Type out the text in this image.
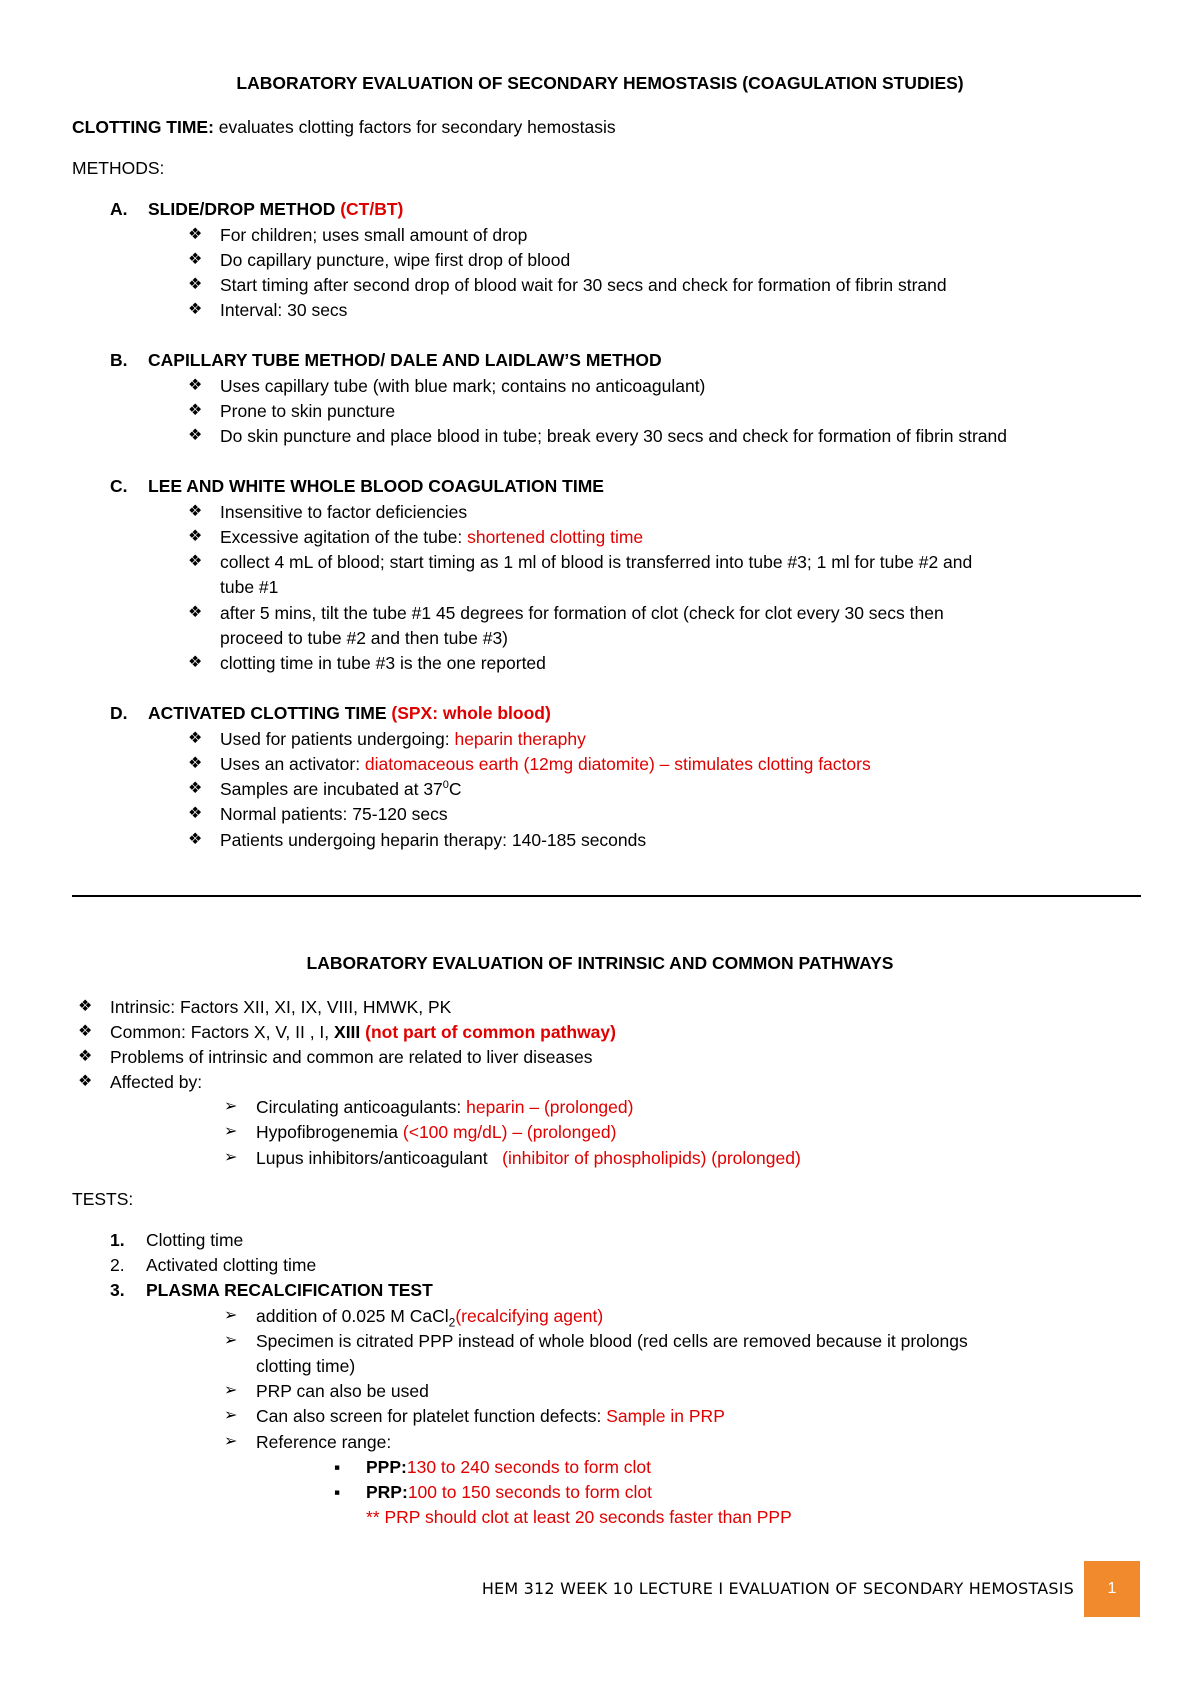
LABORATORY EVALUATION OF SECONDARY HEMOSTASIS (COAGULATION STUDIES)
CLOTTING TIME: evaluates clotting factors for secondary hemostasis
METHODS:
A. SLIDE/DROP METHOD (CT/BT)
❖ For children; uses small amount of drop
❖ Do capillary puncture, wipe first drop of blood
❖ Start timing after second drop of blood wait for 30 secs and check for formation of fibrin strand
❖ Interval: 30 secs
B. CAPILLARY TUBE METHOD/ DALE AND LAIDLAW’S METHOD
❖ Uses capillary tube (with blue mark; contains no anticoagulant)
❖ Prone to skin puncture
❖ Do skin puncture and place blood in tube; break every 30 secs and check for formation of fibrin strand
C. LEE AND WHITE WHOLE BLOOD COAGULATION TIME
❖ Insensitive to factor deficiencies
❖ Excessive agitation of the tube: shortened clotting time
❖ collect 4 mL of blood; start timing as 1 ml of blood is transferred into tube #3; 1 ml for tube #2 and
tube #1
❖ after 5 mins, tilt the tube #1 45 degrees for formation of clot (check for clot every 30 secs then
proceed to tube #2 and then tube #3)
❖ clotting time in tube #3 is the one reported
D. ACTIVATED CLOTTING TIME (SPX: whole blood)
❖ Used for patients undergoing: heparin theraphy
❖ Uses an activator: diatomaceous earth (12mg diatomite) – stimulates clotting factors
❖ Samples are incubated at $37^0C$
❖ Normal patients: 75-120 secs
❖ Patients undergoing heparin therapy: 140-185 seconds
LABORATORY EVALUATION OF INTRINSIC AND COMMON PATHWAYS
❖ Intrinsic: Factors XII, XI, IX, VIII, HMWK, PK
❖ Common: Factors X, V, II , I, XIII (not part of common pathway)
❖ Problems of intrinsic and common are related to liver diseases
❖ Affected by:
➢ Circulating anticoagulants: heparin – (prolonged)
➢ Hypofibrogenemia (<100 mg/dL) – (prolonged)
➢ Lupus inhibitors/anticoagulant   (inhibitor of phospholipids) (prolonged)
TESTS:
1. Clotting time
2. Activated clotting time
3. PLASMA RECALCIFICATION TEST
➢ addition of 0.025 M CaCl$_2$(recalcifying agent)
➢ Specimen is citrated PPP instead of whole blood (red cells are removed because it prolongs
clotting time)
➢ PRP can also be used
➢ Can also screen for platelet function defects: Sample in PRP
➢ Reference range:
▪ PPP:130 to 240 seconds to form clot
▪ PRP:100 to 150 seconds to form clot
** PRP should clot at least 20 seconds faster than PPP
HEM 312 WEEK 10 LECTURE I EVALUATION OF SECONDARY HEMOSTASIS	1
